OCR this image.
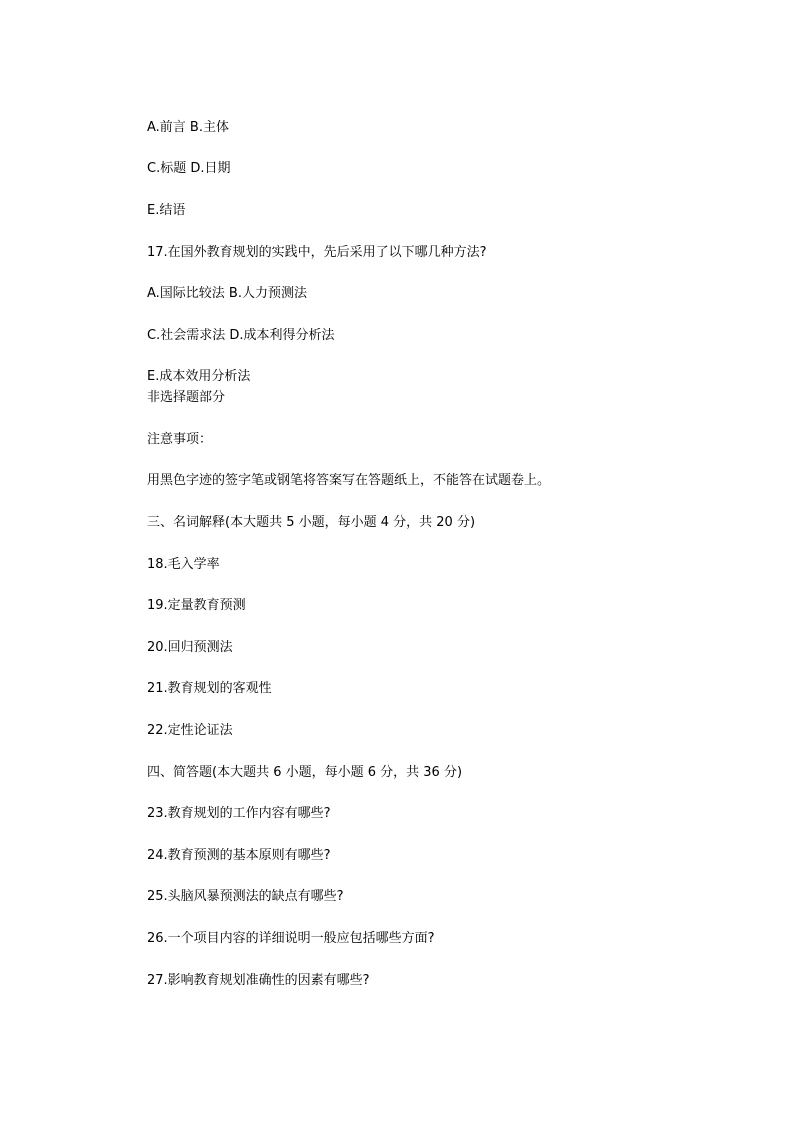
A.前言 B.主体
C.标题 D.日期
E.结语
17.在国外教育规划的实践中，先后采用了以下哪几种方法?
A.国际比较法 B.人力预测法
C.社会需求法 D.成本利得分析法
E.成本效用分析法
非选择题部分
注意事项：
用黑色字迹的签字笔或钢笔将答案写在答题纸上，不能答在试题卷上。
三、名词解释(本大题共 5 小题，每小题 4 分，共 20 分)
18.毛入学率
19.定量教育预测
20.回归预测法
21.教育规划的客观性
22.定性论证法
四、简答题(本大题共 6 小题，每小题 6 分，共 36 分)
23.教育规划的工作内容有哪些?
24.教育预测的基本原则有哪些?
25.头脑风暴预测法的缺点有哪些?
26.一个项目内容的详细说明一般应包括哪些方面?
27.影响教育规划准确性的因素有哪些?
